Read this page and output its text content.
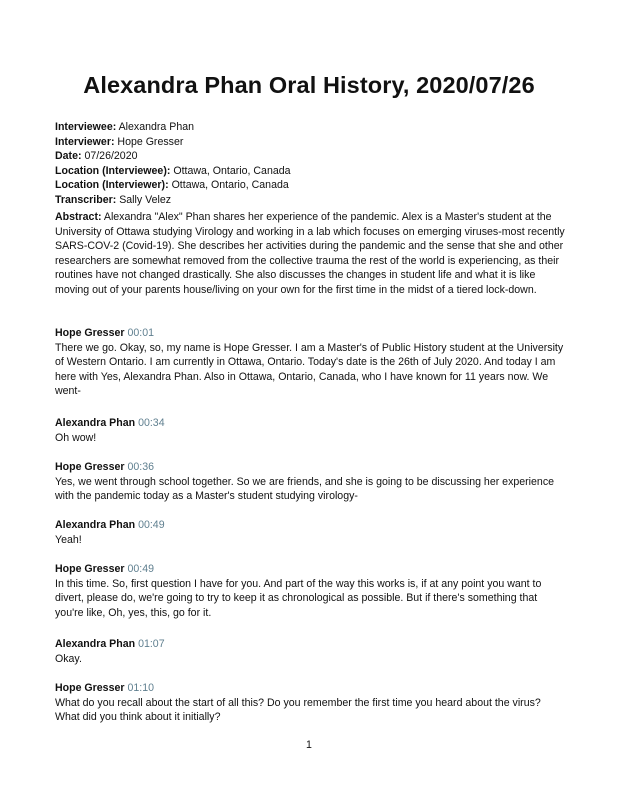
Alexandra Phan Oral History, 2020/07/26
Interviewee: Alexandra Phan
Interviewer: Hope Gresser
Date: 07/26/2020
Location (Interviewee): Ottawa, Ontario, Canada
Location (Interviewer): Ottawa, Ontario, Canada
Transcriber: Sally Velez
Abstract: Alexandra "Alex" Phan shares her experience of the pandemic. Alex is a Master's student at the University of Ottawa studying Virology and working in a lab which focuses on emerging viruses-most recently SARS-COV-2 (Covid-19). She describes her activities during the pandemic and the sense that she and other researchers are somewhat removed from the collective trauma the rest of the world is experiencing, as their routines have not changed drastically. She also discusses the changes in student life and what it is like moving out of your parents house/living on your own for the first time in the midst of a tiered lock-down.
Hope Gresser 00:01
There we go. Okay, so, my name is Hope Gresser. I am a Master's of Public History student at the University of Western Ontario. I am currently in Ottawa, Ontario. Today's date is the 26th of July 2020. And today I am here with Yes, Alexandra Phan. Also in Ottawa, Ontario, Canada, who I have known for 11 years now. We went-
Alexandra Phan 00:34
Oh wow!
Hope Gresser 00:36
Yes, we went through school together. So we are friends, and she is going to be discussing her experience with the pandemic today as a Master's student studying virology-
Alexandra Phan 00:49
Yeah!
Hope Gresser 00:49
In this time. So, first question I have for you. And part of the way this works is, if at any point you want to divert, please do, we're going to try to keep it as chronological as possible. But if there's something that you're like, Oh, yes, this, go for it.
Alexandra Phan 01:07
Okay.
Hope Gresser 01:10
What do you recall about the start of all this? Do you remember the first time you heard about the virus? What did you think about it initially?
1
